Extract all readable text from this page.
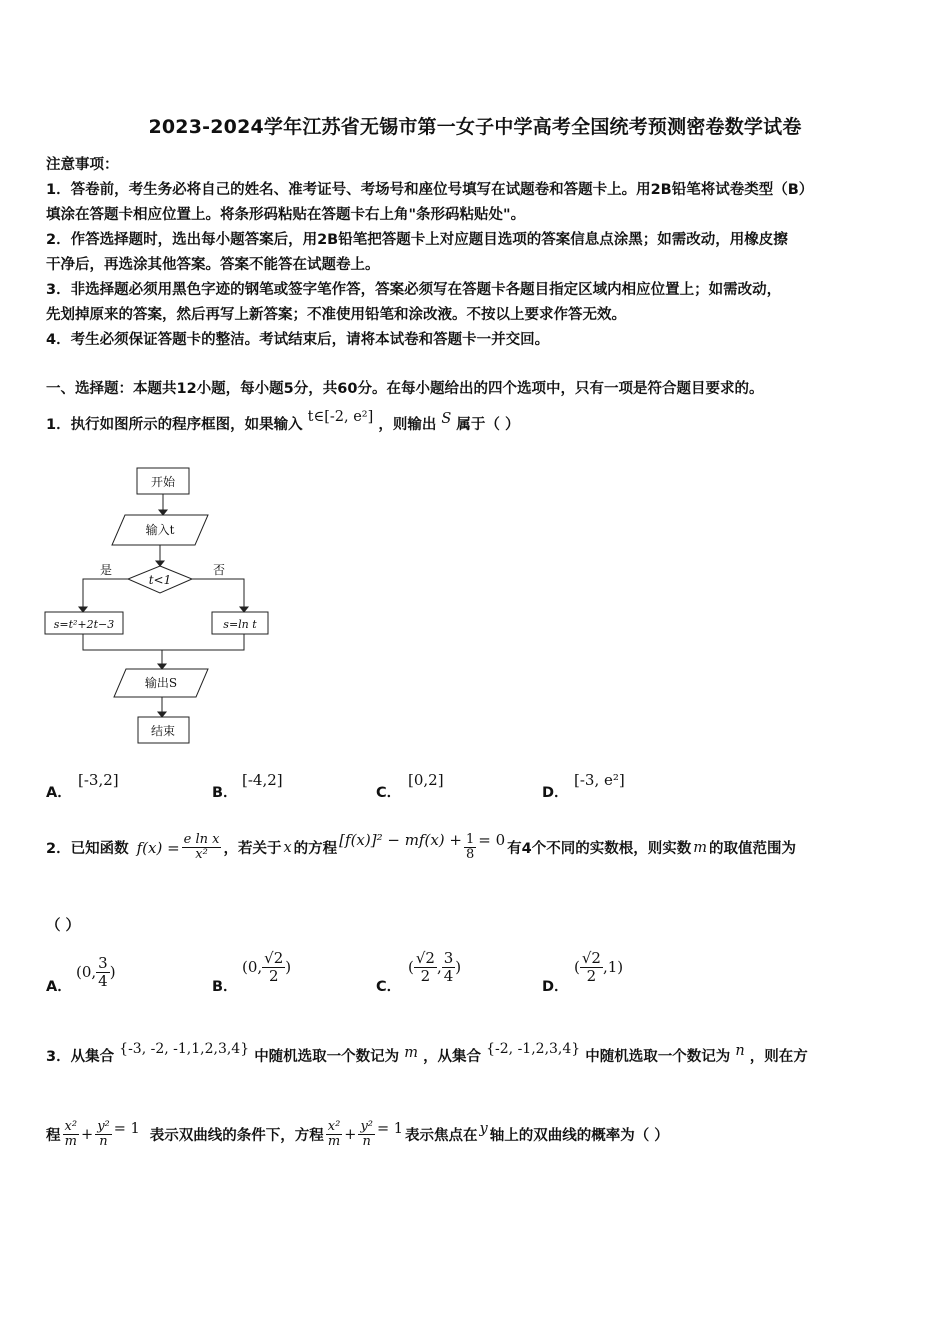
2023-2024学年江苏省无锡市第一女子中学高考全国统考预测密卷数学试卷
注意事项：
1．答卷前，考生务必将自己的姓名、准考证号、考场号和座位号填写在试题卷和答题卡上。用2B铅笔将试卷类型（B）
填涂在答题卡相应位置上。将条形码粘贴在答题卡右上角"条形码粘贴处"。
2．作答选择题时，选出每小题答案后，用2B铅笔把答题卡上对应题目选项的答案信息点涂黑；如需改动，用橡皮擦
干净后，再选涂其他答案。答案不能答在试题卷上。
3．非选择题必须用黑色字迹的钢笔或签字笔作答，答案必须写在答题卡各题目指定区域内相应位置上；如需改动，
先划掉原来的答案，然后再写上新答案；不准使用铅笔和涂改液。不按以上要求作答无效。
4．考生必须保证答题卡的整洁。考试结束后，请将本试卷和答题卡一并交回。
一、选择题：本题共12小题，每小题5分，共60分。在每小题给出的四个选项中，只有一项是符合题目要求的。
1．执行如图所示的程序框图，如果输入 t∈[-2, e²] ，则输出 S 属于（ ）
开始
输入t
t<1
是	否
s=t²+2t−3	s=ln t
输出S
结束
A．
[-3,2]
B．
[-4,2]
C．
[0,2]
D．
[-3, e²]
2．已知函数 $f(x) = \frac{\text{e ln x}}{\text{x²}}$ ，若关于 x 的方程
$[f(x)]^2 - mf(x) + \frac{1}{8} = 0$
有4个不同的实数根，则实数 m 的取值范围为
（ ）
A．
(0, $\frac{3}{4}$ )
B．
(0, $\frac{√2}{2}$ )
C．
( $\frac{√2}{2}$ , $\frac{3}{4}$ )
D．
( $\frac{√2}{2} ,1$)
3．从集合 {-3, -2, -1,1,2,3,4} 中随机选取一个数记为 m ，从集合 {-2, -1,2,3,4} 中随机选取一个数记为 n ，则在方
程 $\frac{\text{x²}}{m} + \frac{\text{y²}}{n} = 1$ 表示双曲线的条件下，方程 $\frac{\text{x²}}{m} + \frac{\text{y²}}{n} = 1$ 表示焦点在 y 轴上的双曲线的概率为（ ）
